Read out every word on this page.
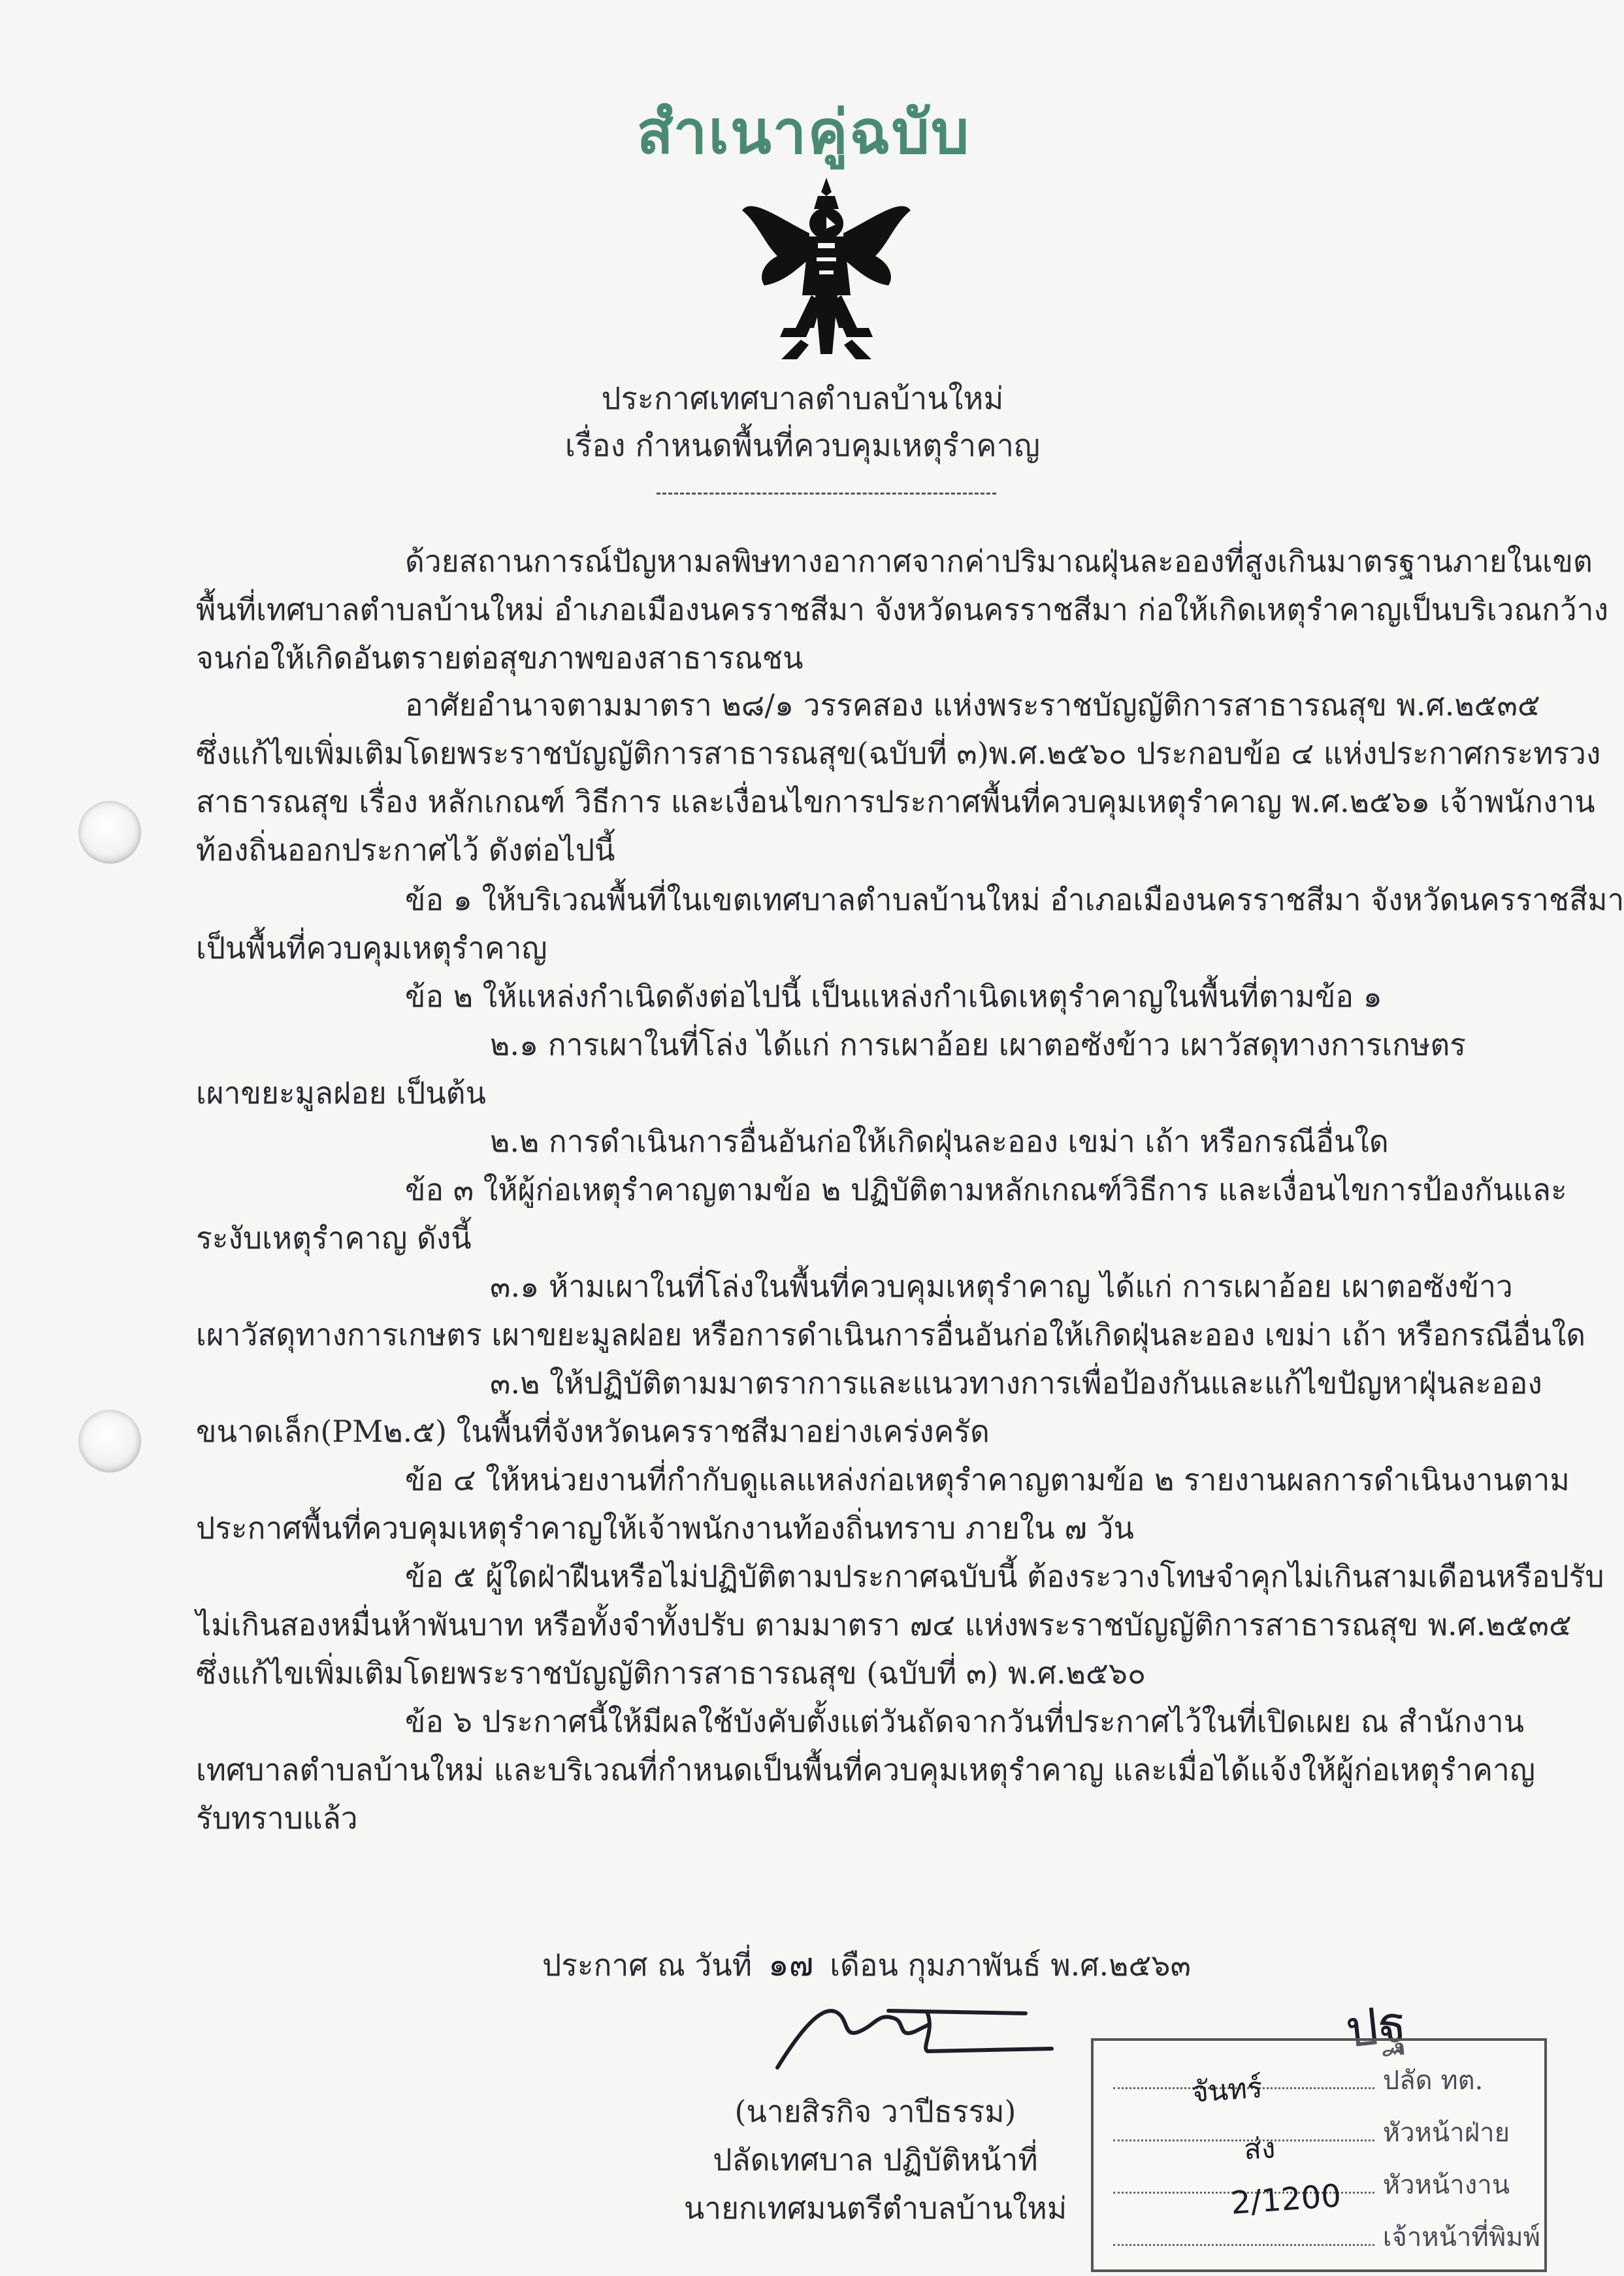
สำเนาคู่ฉบับ
ประกาศเทศบาลตำบลบ้านใหม่
เรื่อง กำหนดพื้นที่ควบคุมเหตุรำคาญ
ด้วยสถานการณ์ปัญหามลพิษทางอากาศจากค่าปริมาณฝุ่นละอองที่สูงเกินมาตรฐานภายในเขต
พื้นที่เทศบาลตำบลบ้านใหม่ อำเภอเมืองนครราชสีมา จังหวัดนครราชสีมา ก่อให้เกิดเหตุรำคาญเป็นบริเวณกว้าง
จนก่อให้เกิดอันตรายต่อสุขภาพของสาธารณชน
อาศัยอำนาจตามมาตรา ๒๘/๑ วรรคสอง แห่งพระราชบัญญัติการสาธารณสุข พ.ศ.๒๕๓๕
ซึ่งแก้ไขเพิ่มเติมโดยพระราชบัญญัติการสาธารณสุข(ฉบับที่ ๓)พ.ศ.๒๕๖๐ ประกอบข้อ ๔ แห่งประกาศกระทรวง
สาธารณสุข เรื่อง หลักเกณฑ์ วิธีการ และเงื่อนไขการประกาศพื้นที่ควบคุมเหตุรำคาญ พ.ศ.๒๕๖๑ เจ้าพนักงาน
ท้องถิ่นออกประกาศไว้ ดังต่อไปนี้
ข้อ ๑ ให้บริเวณพื้นที่ในเขตเทศบาลตำบลบ้านใหม่ อำเภอเมืองนครราชสีมา จังหวัดนครราชสีมา
เป็นพื้นที่ควบคุมเหตุรำคาญ
ข้อ ๒ ให้แหล่งกำเนิดดังต่อไปนี้ เป็นแหล่งกำเนิดเหตุรำคาญในพื้นที่ตามข้อ ๑
๒.๑ การเผาในที่โล่ง ได้แก่ การเผาอ้อย เผาตอซังข้าว เผาวัสดุทางการเกษตร
เผาขยะมูลฝอย เป็นต้น
๒.๒ การดำเนินการอื่นอันก่อให้เกิดฝุ่นละออง เขม่า เถ้า หรือกรณีอื่นใด
ข้อ ๓ ให้ผู้ก่อเหตุรำคาญตามข้อ ๒ ปฏิบัติตามหลักเกณฑ์วิธีการ และเงื่อนไขการป้องกันและ
ระงับเหตุรำคาญ ดังนี้
๓.๑ ห้ามเผาในที่โล่งในพื้นที่ควบคุมเหตุรำคาญ ได้แก่ การเผาอ้อย เผาตอซังข้าว
เผาวัสดุทางการเกษตร เผาขยะมูลฝอย หรือการดำเนินการอื่นอันก่อให้เกิดฝุ่นละออง เขม่า เถ้า หรือกรณีอื่นใด
๓.๒ ให้ปฏิบัติตามมาตราการและแนวทางการเพื่อป้องกันและแก้ไขปัญหาฝุ่นละออง
ขนาดเล็ก(PM๒.๕) ในพื้นที่จังหวัดนครราชสีมาอย่างเคร่งครัด
ข้อ ๔ ให้หน่วยงานที่กำกับดูแลแหล่งก่อเหตุรำคาญตามข้อ ๒ รายงานผลการดำเนินงานตาม
ประกาศพื้นที่ควบคุมเหตุรำคาญให้เจ้าพนักงานท้องถิ่นทราบ ภายใน ๗ วัน
ข้อ ๕ ผู้ใดฝ่าฝืนหรือไม่ปฏิบัติตามประกาศฉบับนี้ ต้องระวางโทษจำคุกไม่เกินสามเดือนหรือปรับ
ไม่เกินสองหมื่นห้าพันบาท หรือทั้งจำทั้งปรับ ตามมาตรา ๗๔ แห่งพระราชบัญญัติการสาธารณสุข พ.ศ.๒๕๓๕
ซึ่งแก้ไขเพิ่มเติมโดยพระราชบัญญัติการสาธารณสุข (ฉบับที่ ๓) พ.ศ.๒๕๖๐
ข้อ ๖ ประกาศนี้ให้มีผลใช้บังคับตั้งแต่วันถัดจากวันที่ประกาศไว้ในที่เปิดเผย ณ สำนักงาน
เทศบาลตำบลบ้านใหม่ และบริเวณที่กำหนดเป็นพื้นที่ควบคุมเหตุรำคาญ และเมื่อได้แจ้งให้ผู้ก่อเหตุรำคาญ
รับทราบแล้ว
ประกาศ ณ วันที่ ๑๗ เดือน กุมภาพันธ์ พ.ศ.๒๕๖๓
(นายสิรกิจ วาปีธรรม)
ปลัดเทศบาล ปฏิบัติหน้าที่
นายกเทศมนตรีตำบลบ้านใหม่
ปฐ
ปลัด ทต.
หัวหน้าฝ่าย
หัวหน้างาน
เจ้าหน้าที่พิมพ์
จันทร์
ส่ง
2/1200
